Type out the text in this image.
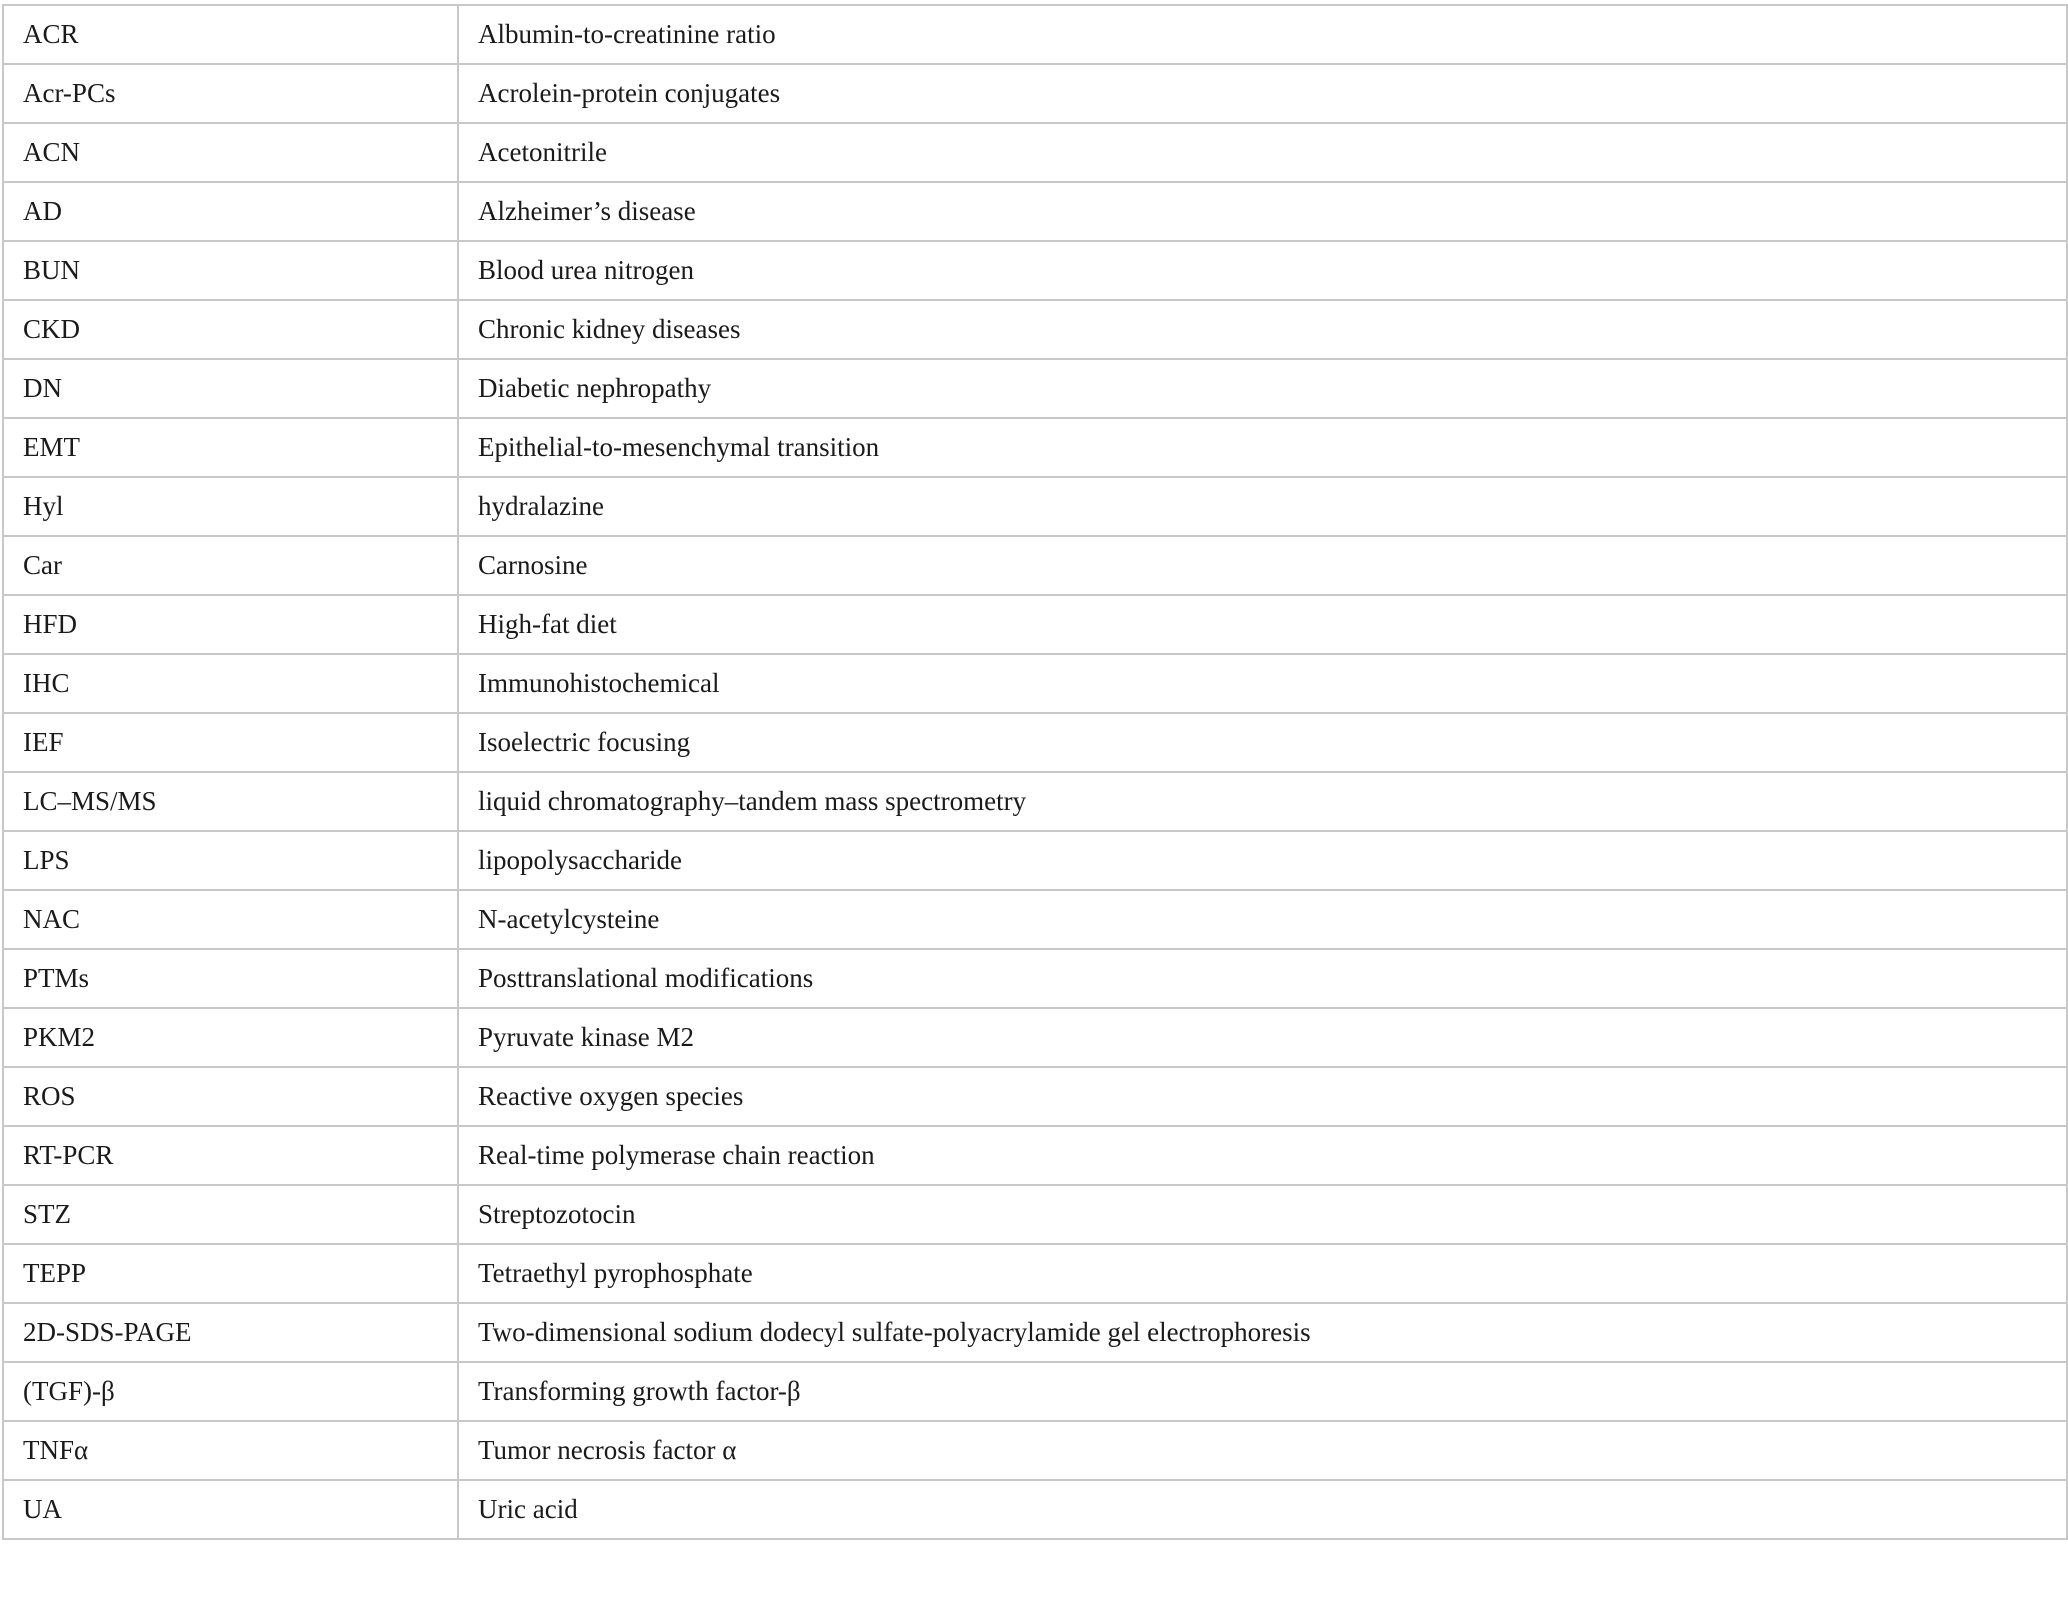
ACR	Albumin-to-creatinine ratio
Acr-PCs	Acrolein-protein conjugates
ACN	Acetonitrile
AD	Alzheimer’s disease
BUN	Blood urea nitrogen
CKD	Chronic kidney diseases
DN	Diabetic nephropathy
EMT	Epithelial-to-mesenchymal transition
Hyl	hydralazine
Car	Carnosine
HFD	High-fat diet
IHC	Immunohistochemical
IEF	Isoelectric focusing
LC–MS/MS	liquid chromatography–tandem mass spectrometry
LPS	lipopolysaccharide
NAC	N-acetylcysteine
PTMs	Posttranslational modifications
PKM2	Pyruvate kinase M2
ROS	Reactive oxygen species
RT-PCR	Real-time polymerase chain reaction
STZ	Streptozotocin
TEPP	Tetraethyl pyrophosphate
2D-SDS-PAGE	Two-dimensional sodium dodecyl sulfate-polyacrylamide gel electrophoresis
(TGF)-β	Transforming growth factor-β
TNFα	Tumor necrosis factor α
UA	Uric acid
